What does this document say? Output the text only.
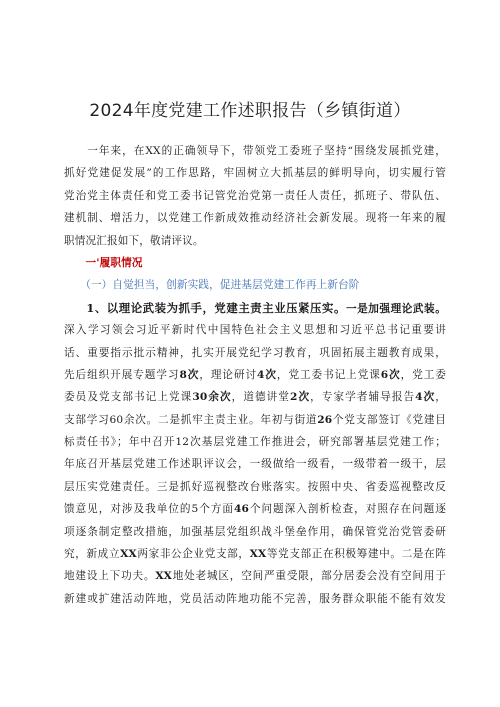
2024年度党建工作述职报告（乡镇街道）
　　一年来，在XX的正确领导下，带领党工委班子坚持“围绕发展抓党建，
抓好党建促发展”的工作思路，牢固树立大抓基层的鲜明导向，切实履行管
党治党主体责任和党工委书记管党治党第一责任人责任，抓班子、带队伍、
建机制、增活力，以党建工作新成效推动经济社会新发展。现将一年来的履
职情况汇报如下，敬请评议。
　　一'履职情况
　　（一）自觉担当，创新实践，促进基层党建工作再上新台阶
　　1、以理论武装为抓手，党建主责主业压紧压实。一是加强理论武装。
深入学习领会习近平新时代中国特色社会主义思想和习近平总书记重要讲
话、重要指示批示精神，扎实开展党纪学习教育，巩固拓展主题教育成果，
先后组织开展专题学习8次，理论研讨4次，党工委书记上党课6次，党工委
委员及党支部书记上党课30余次，道德讲堂2次，专家学者辅导报告4次，
支部学习60余次。二是抓牢主责主业。年初与街道26个党支部签订《党建目
标责任书》；年中召开12次基层党建工作推进会，研究部署基层党建工作；
年底召开基层党建工作述职评议会，一级做给一级看，一级带着一级干，层
层压实党建责任。三是抓好巡视整改台账落实。按照中央、省委巡视整改反
馈意见，对涉及我单位的5个方面46个问题深入剖析检查，对照存在问题逐
项逐条制定整改措施，加强基层党组织战斗堡垒作用，确保管党治党管委研
究，新成立XX两家非公企业党支部，XX等党支部正在积极筹建中。二是在阵
地建设上下功夫。XX地处老城区，空间严重受限，部分居委会没有空间用于
新建或扩建活动阵地，党员活动阵地功能不完善，服务群众职能不能有效发
